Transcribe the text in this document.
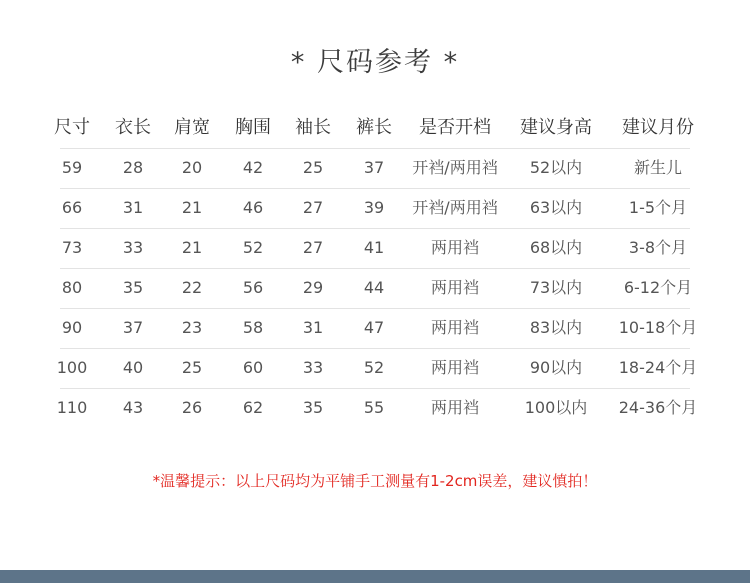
* 尺码参考 *
尺寸	衣长	肩宽	胸围	袖长	裤长	是否开档	建议身高	建议月份
59	28	20	42	25	37	开裆/两用裆	52以内	新生儿
66	31	21	46	27	39	开裆/两用裆	63以内	1-5个月
73	33	21	52	27	41	两用裆	68以内	3-8个月
80	35	22	56	29	44	两用裆	73以内	6-12个月
90	37	23	58	31	47	两用裆	83以内	10-18个月
100	40	25	60	33	52	两用裆	90以内	18-24个月
110	43	26	62	35	55	两用裆	100以内	24-36个月
*温馨提示：以上尺码均为平铺手工测量有1-2cm误差，建议慎拍！
